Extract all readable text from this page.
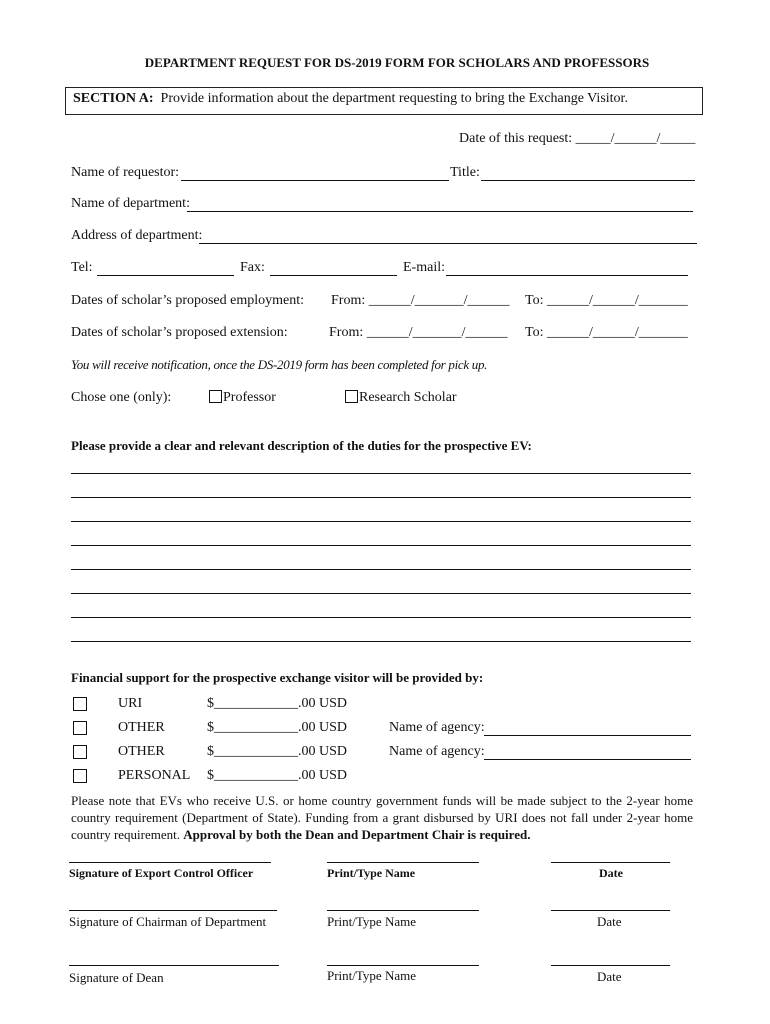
DEPARTMENT REQUEST FOR DS-2019 FORM FOR SCHOLARS AND PROFESSORS
SECTION A: Provide information about the department requesting to bring the Exchange Visitor.
Date of this request: _____/______/_____
Name of requestor:	Title:
Name of department:
Address of department:
Tel:	Fax:	E-mail:
Dates of scholar’s proposed employment: From: ______/_______/______ To: ______/______/_______
Dates of scholar’s proposed extension:	From: ______/_______/______ To: ______/______/_______
You will receive notification, once the DS-2019 form has been completed for pick up.
Chose one (only):	Professor	Research Scholar
Please provide a clear and relevant description of the duties for the prospective EV:
Financial support for the prospective exchange visitor will be provided by:
URI	$____________.00 USD
OTHER	$____________.00 USD	Name of agency:
OTHER	$____________.00 USD	Name of agency:
PERSONAL $____________.00 USD
Please note that EVs who receive U.S. or home country government funds will be made subject to the 2-year home country requirement (Department of State). Funding from a grant disbursed by URI does not fall under 2-year home country requirement. Approval by both the Dean and Department Chair is required.
Signature of Export Control Officer	Print/Type Name	Date
Signature of Chairman of Department	Print/Type Name	Date
Signature of Dean	Print/Type Name	Date
